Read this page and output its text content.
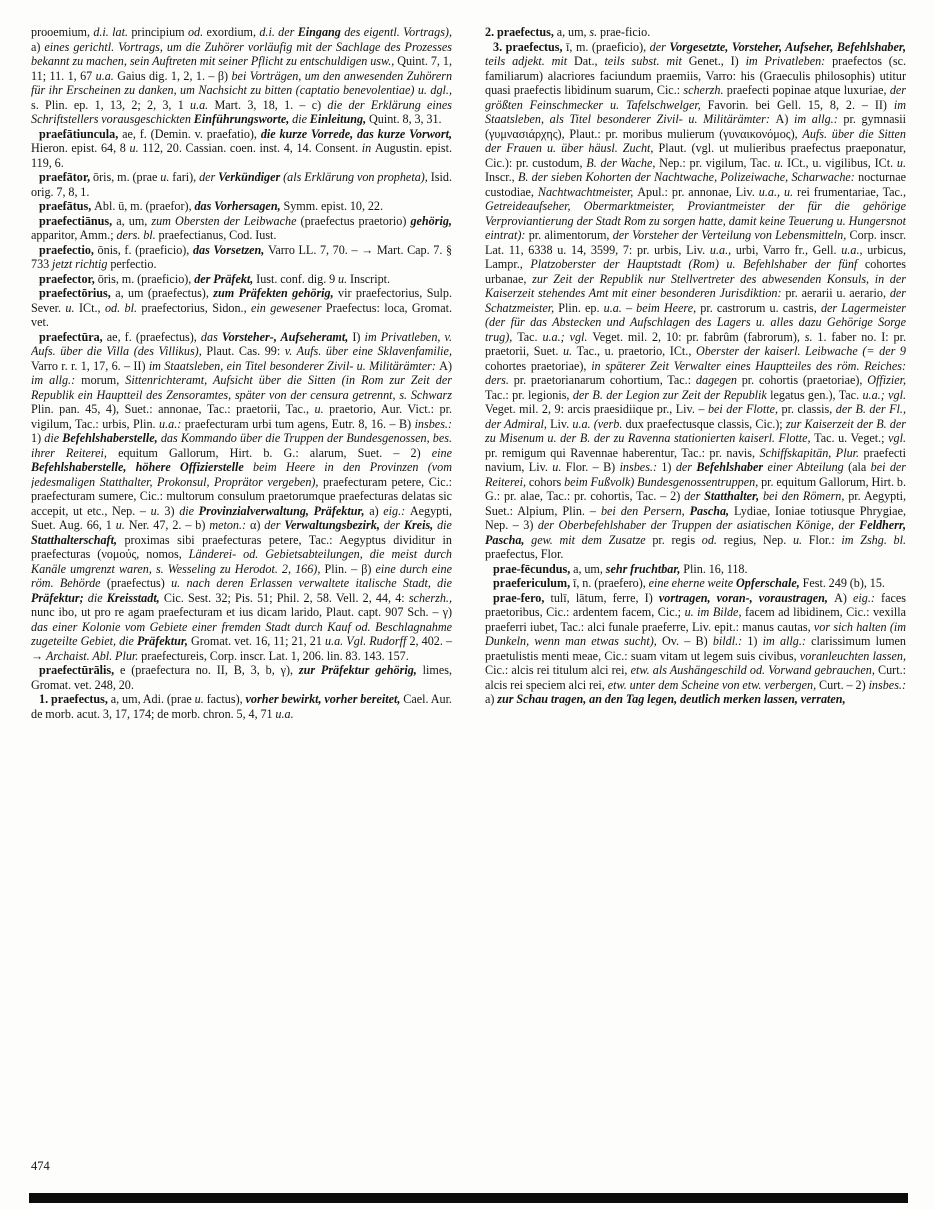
prooemium, d.i. lat. principium od. exordium, d.i. der Eingang des eigentl. Vortrags), a) eines gerichtl. Vortrags, um die Zuhörer vorläufig mit der Sachlage des Prozesses bekannt zu machen, sein Auftreten mit seiner Pflicht zu entschuldigen usw., Quint. 7, 1, 11; 11. 1, 67 u.a. Gaius dig. 1, 2, 1. – β) bei Vorträgen, um den anwesenden Zuhörern für ihr Erscheinen zu danken, um Nachsicht zu bitten (captatio benevolentiae) u. dgl., s. Plin. ep. 1, 13, 2; 2, 3, 1 u.a. Mart. 3, 18, 1. – c) die der Erklärung eines Schriftstellers vorausgeschickten Einführungsworte, die Einleitung, Quint. 8, 3, 31.

praefātiuncula, ae, f. (Demin. v. praefatio), die kurze Vorrede, das kurze Vorwort, Hieron. epist. 64, 8 u. 112, 20. Cassian. coen. inst. 4, 14. Consent. in Augustin. epist. 119, 6.

praefātor, ōris, m. (prae u. fari), der Verkündiger (als Erklärung von propheta), Isid. orig. 7, 8, 1.

praefātus, Abl. ū, m. (praefor), das Vorhersagen, Symm. epist. 10, 22.

praefectiānus, a, um, zum Obersten der Leibwache (praefectus praetorio) gehörig, apparitor, Amm.; ders. bl. praefectianus, Cod. Iust.

praefectio, ōnis, f. (praeficio), das Vorsetzen, Varro LL. 7, 70. – → Mart. Cap. 7. § 733 jetzt richtig perfectio.

praefector, ōris, m. (praeficio), der Präfekt, Iust. conf. dig. 9 u. Inscript.

praefectōrius, a, um (praefectus), zum Präfekten gehörig, vir praefectorius, Sulp. Sever. u. ICt., od. bl. praefectorius, Sidon., ein gewesener Praefectus: loca, Gromat. vet.

praefectūra, ae, f. (praefectus), das Vorsteher-, Aufseheramt, I) im Privatleben, v. Aufs. über die Villa (des Villikus), Plaut. Cas. 99: v. Aufs. über eine Sklavenfamilie, Varro r. r. 1, 17, 6. – II) im Staatsleben, ein Titel besonderer Zivil- u. Militärämter: A) im allg.: morum, Sittenrichteramt, Aufsicht über die Sitten (in Rom zur Zeit der Republik ein Hauptteil des Zensoramtes, später von der censura getrennt, s. Schwarz Plin. pan. 45, 4), Suet.: annonae, Tac.: praetorii, Tac., u. praetorio, Aur. Vict.: pr. vigilum, Tac.: urbis, Plin. u.a.: praefecturam urbi tum agens, Eutr. 8, 16. – B) insbes.: 1) die Befehlshaberstelle, das Kommando über die Truppen der Bundesgenossen, bes. ihrer Reiterei, equitum Gallorum, Hirt. b. G.: alarum, Suet. – 2) eine Befehlshaberstelle, höhere Offizierstelle beim Heere in den Provinzen (vom jedesmaligen Statthalter, Prokonsul, Proprätor vergeben), praefecturam petere, Cic.: praefecturam sumere, Cic.: multorum consulum praetorumque praefecturas delatas sic accepit, ut etc., Nep. – u. 3) die Provinzialverwaltung, Präfektur, a) eig.: Aegypti, Suet. Aug. 66, 1 u. Ner. 47, 2. – b) meton.: α) der Verwaltungsbezirk, der Kreis, die Statthalterschaft, proximas sibi praefecturas petere, Tac.: Aegyptus dividitur in praefecturas (νομούς, nomos, Länderei- od. Gebietsabteilungen, die meist durch Kanäle umgrenzt waren, s. Wesseling zu Herodot. 2, 166), Plin. – β) eine durch eine röm. Behörde (praefectus) u. nach deren Erlassen verwaltete italische Stadt, die Präfektur; die Kreisstadt, Cic. Sest. 32; Pis. 51; Phil. 2, 58. Vell. 2, 44, 4: scherzh., nunc ibo, ut pro re agam praefecturam et ius dicam larido, Plaut. capt. 907 Sch. – γ) das einer Kolonie vom Gebiete einer fremden Stadt durch Kauf od. Beschlagnahme zugeteilte Gebiet, die Präfektur, Gromat. vet. 16, 11; 21, 21 u.a. Vgl. Rudorff 2, 402. – → Archaist. Abl. Plur. praefectureis, Corp. inscr. Lat. 1, 206. lin. 83. 143. 157.

praefectūrālis, e (praefectura no. II, B, 3, b, γ), zur Präfektur gehörig, limes, Gromat. vet. 248, 20.

1. praefectus, a, um, Adi. (prae u. factus), vorher bewirkt, vorher bereitet, Cael. Aur. de morb. acut. 3, 17, 174; de morb. chron. 5, 4, 71 u.a.

2. praefectus, a, um, s. prae-ficio.

3. praefectus, ī, m. (praeficio), der Vorgesetzte, Vorsteher, Aufseher, Befehlshaber, teils adjekt. mit Dat., teils subst. mit Genet., I) im Privatleben: praefectos (sc. familiarum) alacriores faciundum praemiis, Varro: his (Graeculis philosophis) utitur quasi praefectis libidinum suarum, Cic.: scherzh. praefecti popinae atque luxuriae, der größten Feinschmecker u. Tafelschwelger, Favorin. bei Gell. 15, 8, 2. – II) im Staatsleben, als Titel besonderer Zivil- u. Militärämter: A) im allg.: pr. gymnasii (γυμνασιάρχης), Plaut.: pr. moribus mulierum (γυναικονόμος), Aufs. über die Sitten der Frauen u. über häusl. Zucht, Plaut. (vgl. ut mulieribus praefectus praeponatur, Cic.): pr. custodum, B. der Wache, Nep.: pr. vigilum, Tac. u. ICt., u. vigilibus, ICt. u. Inscr., B. der sieben Kohorten der Nachtwache, Polizeiwache, Scharwache: nocturnae custodiae, Nachtwachtmeister, Apul.: pr. annonae, Liv. u.a., u. rei frumentariae, Tac., Getreideaufseher, Obermarktmeister, Proviantmeister der für die gehörige Verproviantierung der Stadt Rom zu sorgen hatte, damit keine Teuerung u. Hungersnot eintrat): pr. alimentorum, der Vorsteher der Verteilung von Lebensmitteln, Corp. inscr. Lat. 11, 6338 u. 14, 3599, 7: pr. urbis, Liv. u.a., urbi, Varro fr., Gell. u.a., urbicus, Lampr., Platzoberster der Hauptstadt (Rom) u. Befehlshaber der fünf cohortes urbanae, zur Zeit der Republik nur Stellvertreter des abwesenden Konsuls, in der Kaiserzeit stehendes Amt mit einer besonderen Jurisdiktion: pr. aerarii u. aerario, der Schatzmeister, Plin. ep. u.a. – beim Heere, pr. castrorum u. castris, der Lagermeister (der für das Abstecken und Aufschlagen des Lagers u. alles dazu Gehörige Sorge trug), Tac. u.a.; vgl. Veget. mil. 2, 10: pr. fabrûm (fabrorum), s. 1. faber no. I: pr. praetorii, Suet. u. Tac., u. praetorio, ICt., Oberster der kaiserl. Leibwache (= der 9 cohortes praetoriae), in späterer Zeit Verwalter eines Hauptteiles des röm. Reiches: ders. pr. praetorianarum cohortium, Tac.: dagegen pr. cohortis (praetoriae), Offizier, Tac.: pr. legionis, der B. der Legion zur Zeit der Republik legatus gen.), Tac. u.a.; vgl. Veget. mil. 2, 9: arcis praesidiique pr., Liv. – bei der Flotte, pr. classis, der B. der Fl., der Admiral, Liv. u.a. (verb. dux praefectusque classis, Cic.); zur Kaiserzeit der B. der zu Misenum u. der B. der zu Ravenna stationierten kaiserl. Flotte, Tac. u. Veget.; vgl. pr. remigum qui Ravennae haberentur, Tac.: pr. navis, Schiffskapitän, Plur. praefecti navium, Liv. u. Flor. – B) insbes.: 1) der Befehlshaber einer Abteilung (ala bei der Reiterei, cohors beim Fußvolk) Bundesgenossentruppen, pr. equitum Gallorum, Hirt. b. G.: pr. alae, Tac.: pr. cohortis, Tac. – 2) der Statthalter, bei den Römern, pr. Aegypti, Suet.: Alpium, Plin. – bei den Persern, Pascha, Lydiae, Ioniae totiusque Phrygiae, Nep. – 3) der Oberbefehlshaber der Truppen der asiatischen Könige, der Feldherr, Pascha, gew. mit dem Zusatze pr. regis od. regius, Nep. u. Flor.: im Zshg. bl. praefectus, Flor.

prae-fēcundus, a, um, sehr fruchtbar, Plin. 16, 118.

praefericulum, ī, n. (praefero), eine eherne weite Opferschale, Fest. 249 (b), 15.

prae-fero, tulī, lātum, ferre, I) vortragen, voran-, voraustragen, A) eig.: faces praetoribus, Cic.: ardentem facem, Cic.; u. im Bilde, facem ad libidinem, Cic.: vexilla praeferri iubet, Tac.: alci funale praeferre, Liv. epit.: manus cautas, vor sich halten (im Dunkeln, wenn man etwas sucht), Ov. – B) bildl.: 1) im allg.: clarissimum lumen praetulistis menti meae, Cic.: suam vitam ut legem suis civibus, voranleuchten lassen, Cic.: alcis rei titulum alci rei, etw. als Aushängeschild od. Vorwand gebrauchen, Curt.: alcis rei speciem alci rei, etw. unter dem Scheine von etw. verbergen, Curt. – 2) insbes.: a) zur Schau tragen, an den Tag legen, deutlich merken lassen, verraten,

474
